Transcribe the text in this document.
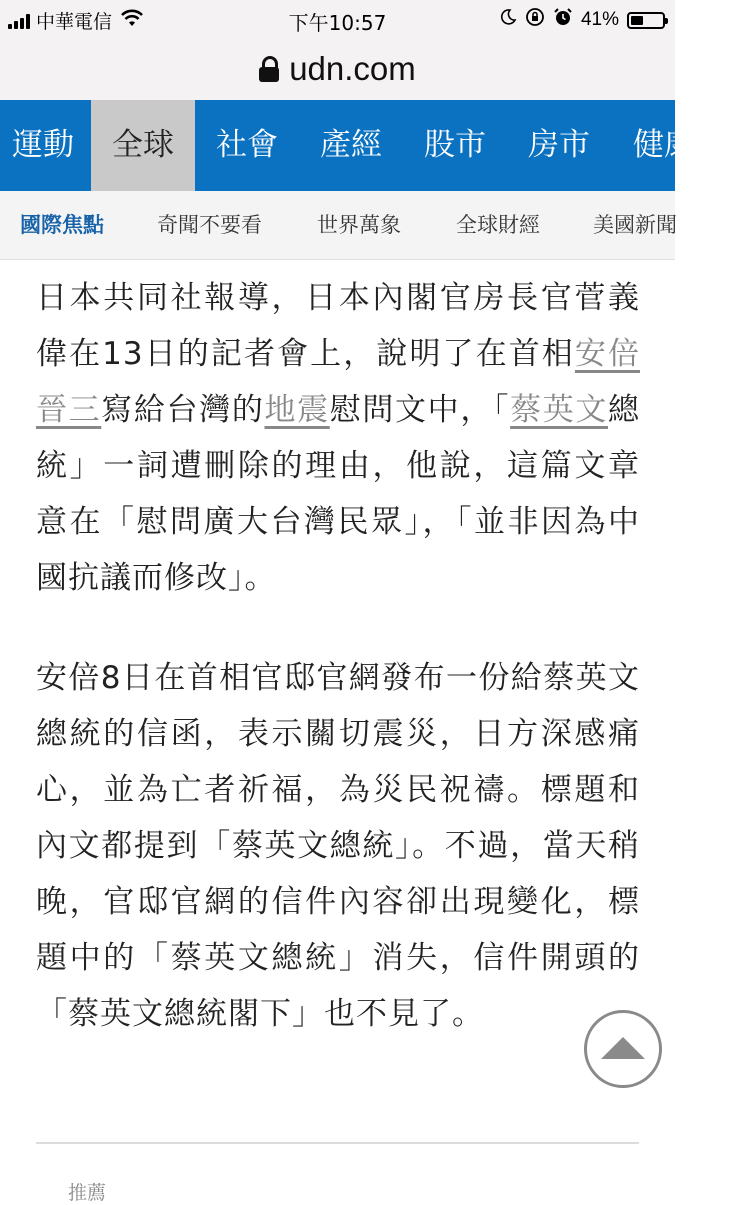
中華電信	下午10:57	41%
udn.com
運動	全球	社會	產經	股市	房市	健康
國際焦點	奇聞不要看	世界萬象	全球財經	美國新聞

日本共同社報導，日本內閣官房長官菅義偉在13日的記者會上，說明了在首相安倍晉三寫給台灣的地震慰問文中，「蔡英文總統」一詞遭刪除的理由，他說，這篇文章意在「慰問廣大台灣民眾」，「並非因為中國抗議而修改」。

安倍8日在首相官邸官網發布一份給蔡英文總統的信函，表示關切震災，日方深感痛心，並為亡者祈福，為災民祝禱。標題和內文都提到「蔡英文總統」。不過，當天稍晚，官邸官網的信件內容卻出現變化，標題中的「蔡英文總統」消失，信件開頭的「蔡英文總統閣下」也不見了。

推薦
